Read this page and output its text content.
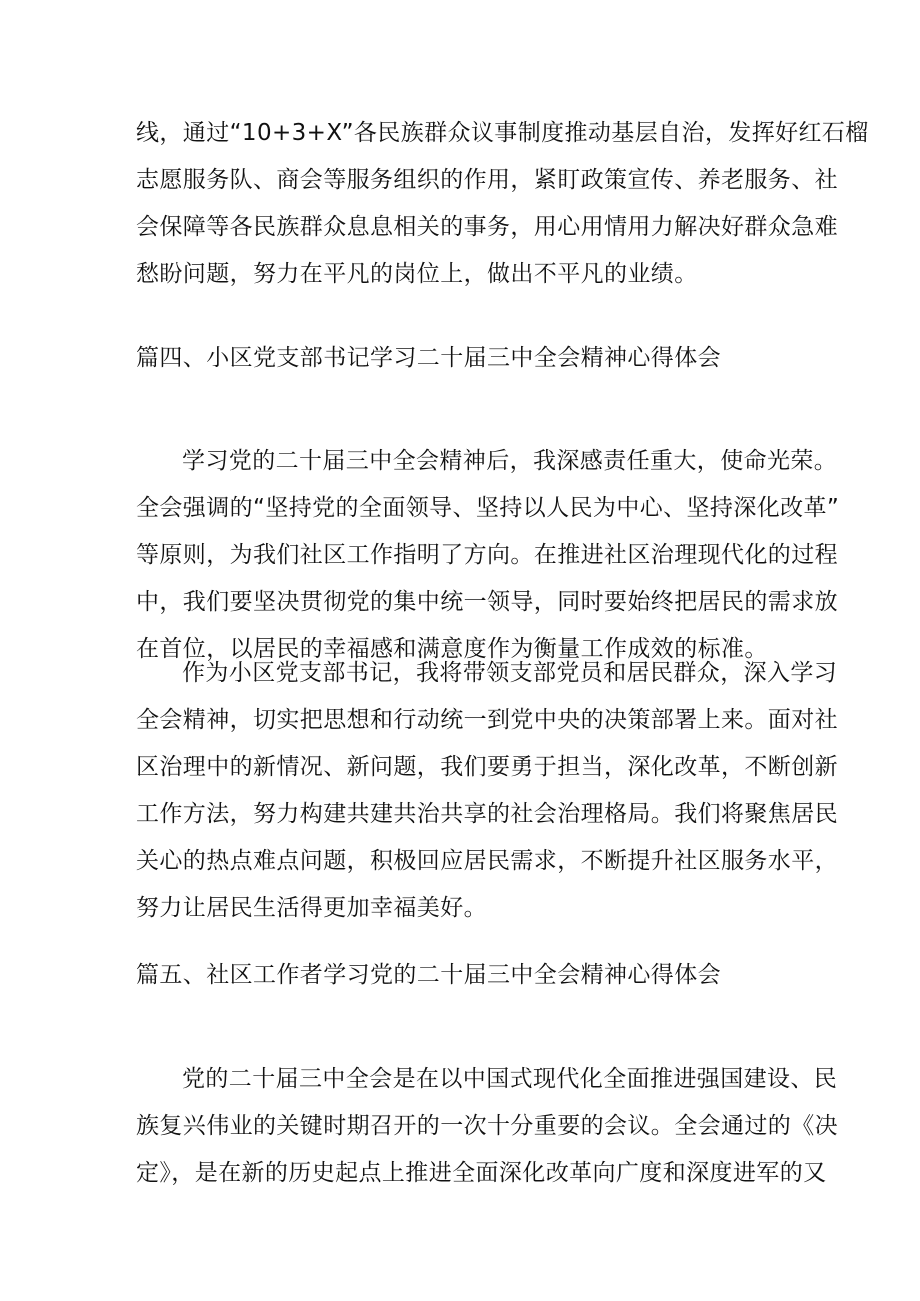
线，通过“10+3+X”各民族群众议事制度推动基层自治，发挥好红石榴
志愿服务队、商会等服务组织的作用，紧盯政策宣传、养老服务、社
会保障等各民族群众息息相关的事务，用心用情用力解决好群众急难
愁盼问题，努力在平凡的岗位上，做出不平凡的业绩。
篇四、小区党支部书记学习二十届三中全会精神心得体会
学习党的二十届三中全会精神后，我深感责任重大，使命光荣。
全会强调的“坚持党的全面领导、坚持以人民为中心、坚持深化改革”
等原则，为我们社区工作指明了方向。在推进社区治理现代化的过程
中，我们要坚决贯彻党的集中统一领导，同时要始终把居民的需求放
在首位，以居民的幸福感和满意度作为衡量工作成效的标准。
作为小区党支部书记，我将带领支部党员和居民群众，深入学习
全会精神，切实把思想和行动统一到党中央的决策部署上来。面对社
区治理中的新情况、新问题，我们要勇于担当，深化改革，不断创新
工作方法，努力构建共建共治共享的社会治理格局。我们将聚焦居民
关心的热点难点问题，积极回应居民需求，不断提升社区服务水平，
努力让居民生活得更加幸福美好。
篇五、社区工作者学习党的二十届三中全会精神心得体会
党的二十届三中全会是在以中国式现代化全面推进强国建设、民
族复兴伟业的关键时期召开的一次十分重要的会议。全会通过的《决
定》，是在新的历史起点上推进全面深化改革向广度和深度进军的又
